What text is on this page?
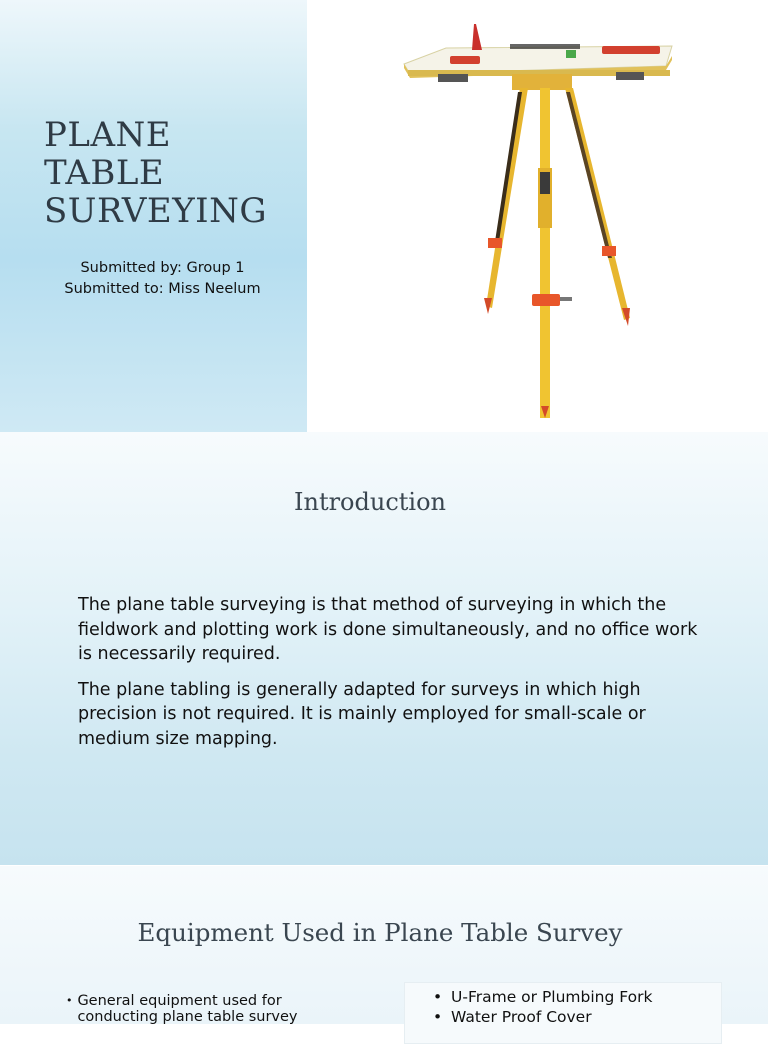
PLANE TABLE
SURVEYING
Submitted by: Group 1
Submitted to: Miss Neelum
Introduction

The plane table surveying is that method of surveying in which the fieldwork and plotting work is done simultaneously, and no office work is necessarily required.

The plane tabling is generally adapted for surveys in which high precision is not required. It is mainly employed for small-scale or medium size mapping.

Equipment Used in Plane Table Survey
• General equipment used for conducting plane table survey
• U-Frame or Plumbing Fork
• Water Proof Cover
